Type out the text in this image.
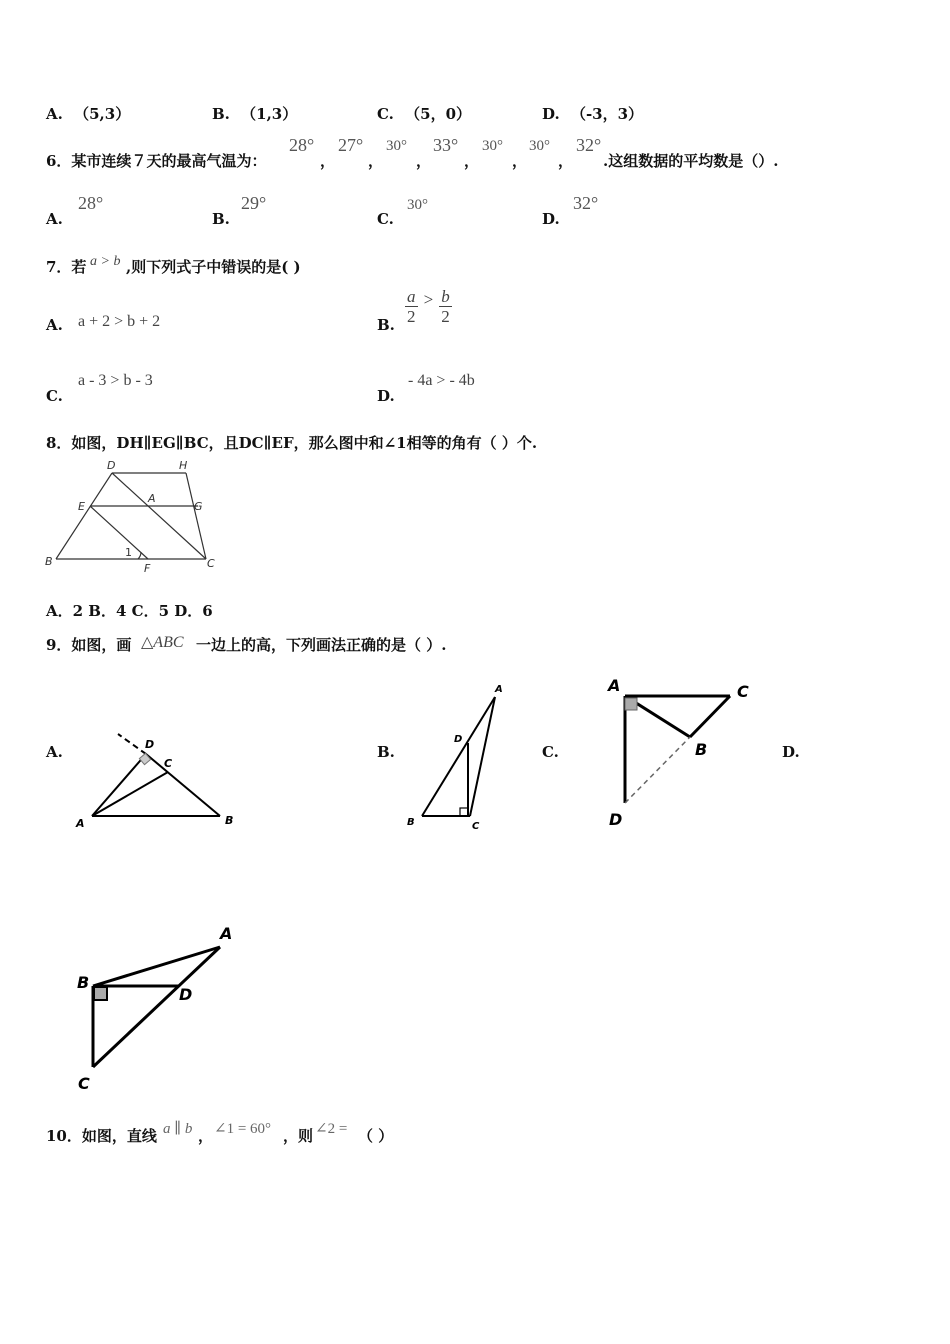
A. （5,3）	B. （1,3）	C. （5，0）	D. （-3，3）
6．某市连续７天的最高气温为：
28°
，
27°
，
30°
，
33°
，
30°
，
30°
，
32°
.这组数据的平均数是（）.
A.
28°
B.
29°
C.
30°
D.
32°
7．若 a > b ,则下列式子中错误的是( )
A. a + 2 > b + 2	B. $\frac{a}{2} > \frac{b}{2}$
C.
a - 3 > b - 3
D.
- 4a > - 4b
8．如图，DH∥EG∥BC，且DC∥EF，那么图中和∠1相等的角有（ ）个.
D	H
E
A
G
B
F	C
1
A．2 B．4 C．5 D．6
9．如图，画 △ABC 一边上的高，下列画法正确的是（ ）.
A.	B.	C.	D.
A	B
C
D
A
B	C
D
A	C
B
D
A
B
D
C
10．如图，直线 a ∥ b ， ∠1 = 60° ，则 ∠2 = （ ）
